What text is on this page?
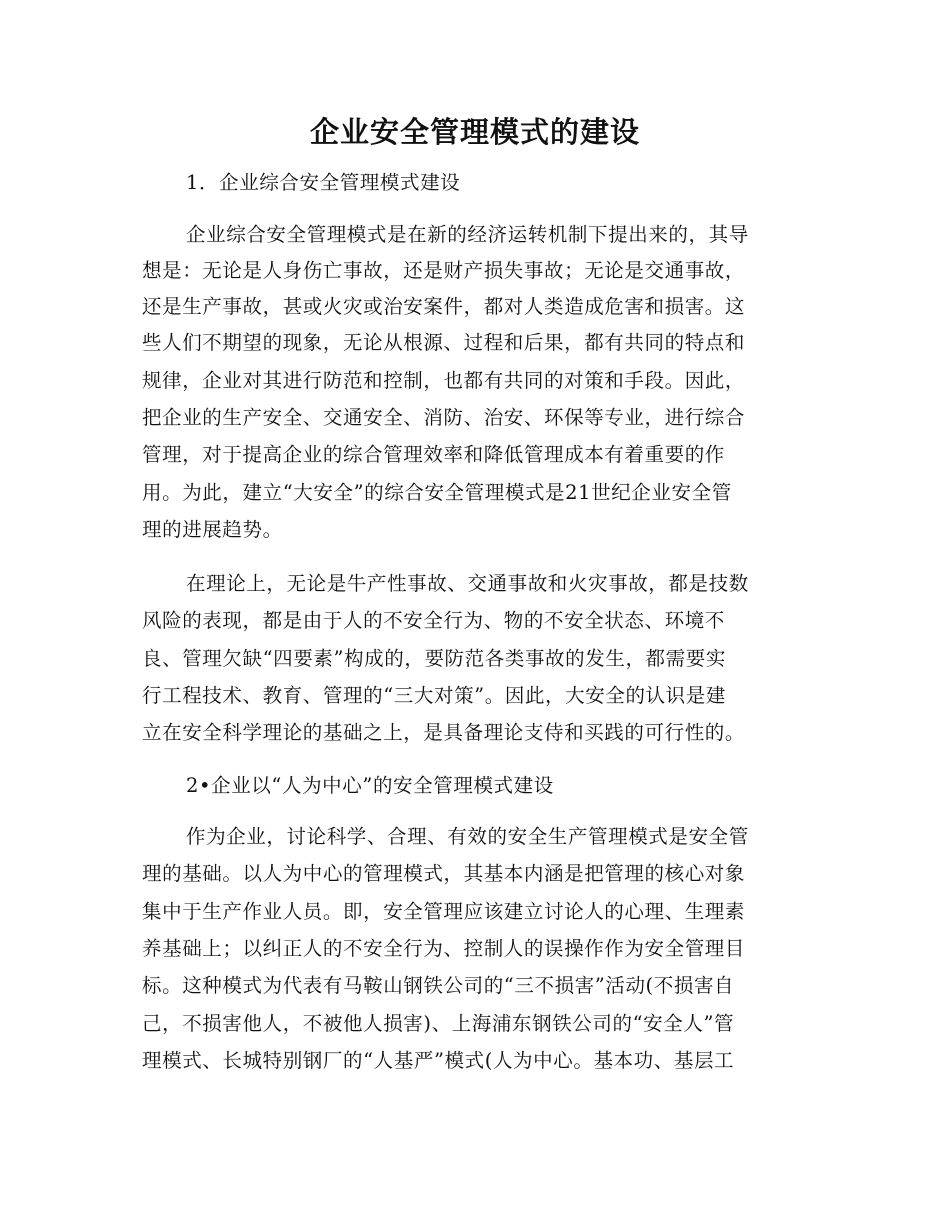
企业安全管理模式的建设
1．企业综合安全管理模式建设
企业综合安全管理模式是在新的经济运转机制下提出来的，其导
想是：无论是人身伤亡事故，还是财产损失事故；无论是交通事故，
还是生产事故，甚或火灾或治安案件，都对人类造成危害和损害。这
些人们不期望的现象，无论从根源、过程和后果，都有共同的特点和
规律，企业对其进行防范和控制，也都有共同的对策和手段。因此，
把企业的生产安全、交通安全、消防、治安、环保等专业，进行综合
管理，对于提高企业的综合管理效率和降低管理成本有着重要的作
用。为此，建立“大安全”的综合安全管理模式是21世纪企业安全管
理的进展趋势。
在理论上，无论是牛产性事故、交通事故和火灾事故，都是技数
风险的表现，都是由于人的不安全行为、物的不安全状态、环境不
良、管理欠缺“四要素”构成的，要防范各类事故的发生，都需要实
行工程技术、教育、管理的“三大对策”。因此，大安全的认识是建
立在安全科学理论的基础之上，是具备理论支侍和买践的可行性的。
2•企业以“人为中心”的安全管理模式建设
作为企业，讨论科学、合理、有效的安全生产管理模式是安全管
理的基础。以人为中心的管理模式，其基本内涵是把管理的核心对象
集中于生产作业人员。即，安全管理应该建立讨论人的心理、生理素
养基础上；以纠正人的不安全行为、控制人的误操作作为安全管理目
标。这种模式为代表有马鞍山钢铁公司的“三不损害”活动(不损害自
己，不损害他人，不被他人损害)、上海浦东钢铁公司的“安全人”管
理模式、长城特别钢厂的“人基严”模式(人为中心。基本功、基层工
